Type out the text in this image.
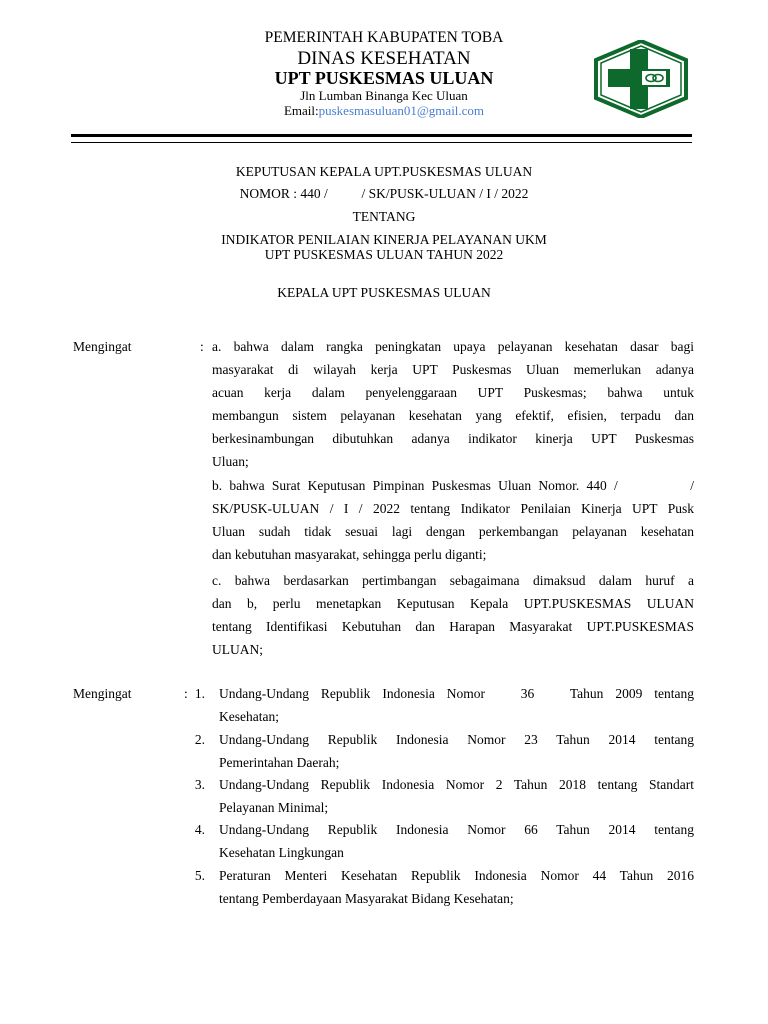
PEMERINTAH KABUPATEN TOBA
DINAS KESEHATAN
UPT PUSKESMAS ULUAN
Jln Lumban Binanga Kec Uluan
Email:puskesmasuluan01@gmail.com
KEPUTUSAN KEPALA UPT.PUSKESMAS ULUAN
NOMOR : 440 /          / SK/PUSK-ULUAN / I / 2022
TENTANG
INDIKATOR PENILAIAN KINERJA PELAYANAN UKM
UPT PUSKESMAS ULUAN TAHUN 2022
KEPALA UPT PUSKESMAS ULUAN
Mengingat	: a. bahwa dalam rangka peningkatan upaya pelayanan kesehatan dasar bagi
masyarakat di wilayah kerja UPT Puskesmas Uluan memerlukan adanya
acuan kerja dalam penyelenggaraan UPT Puskesmas; bahwa untuk
membangun sistem pelayanan kesehatan yang efektif, efisien, terpadu dan
berkesinambungan dibutuhkan adanya indikator kinerja UPT Puskesmas
Uluan;
b. bahwa Surat Keputusan Pimpinan Puskesmas Uluan Nomor. 440 /          /
SK/PUSK-ULUAN / I / 2022 tentang Indikator Penilaian Kinerja UPT Pusk
Uluan sudah tidak sesuai lagi dengan perkembangan pelayanan kesehatan
dan kebutuhan masyarakat, sehingga perlu diganti;
c. bahwa berdasarkan pertimbangan sebagaimana dimaksud dalam huruf a
dan b, perlu menetapkan Keputusan Kepala UPT.PUSKESMAS ULUAN
tentang Identifikasi Kebutuhan dan Harapan Masyarakat UPT.PUSKESMAS
ULUAN;
Mengingat	: 1. Undang-Undang Republik Indonesia Nomor   36   Tahun 2009 tentang
Kesehatan;
2. Undang-Undang Republik Indonesia Nomor 23 Tahun 2014 tentang
Pemerintahan Daerah;
3. Undang-Undang Republik Indonesia Nomor 2 Tahun 2018 tentang Standart
Pelayanan Minimal;
4. Undang-Undang Republik Indonesia Nomor 66 Tahun 2014 tentang
Kesehatan Lingkungan
5. Peraturan Menteri Kesehatan Republik Indonesia Nomor 44 Tahun 2016
tentang Pemberdayaan Masyarakat Bidang Kesehatan;
